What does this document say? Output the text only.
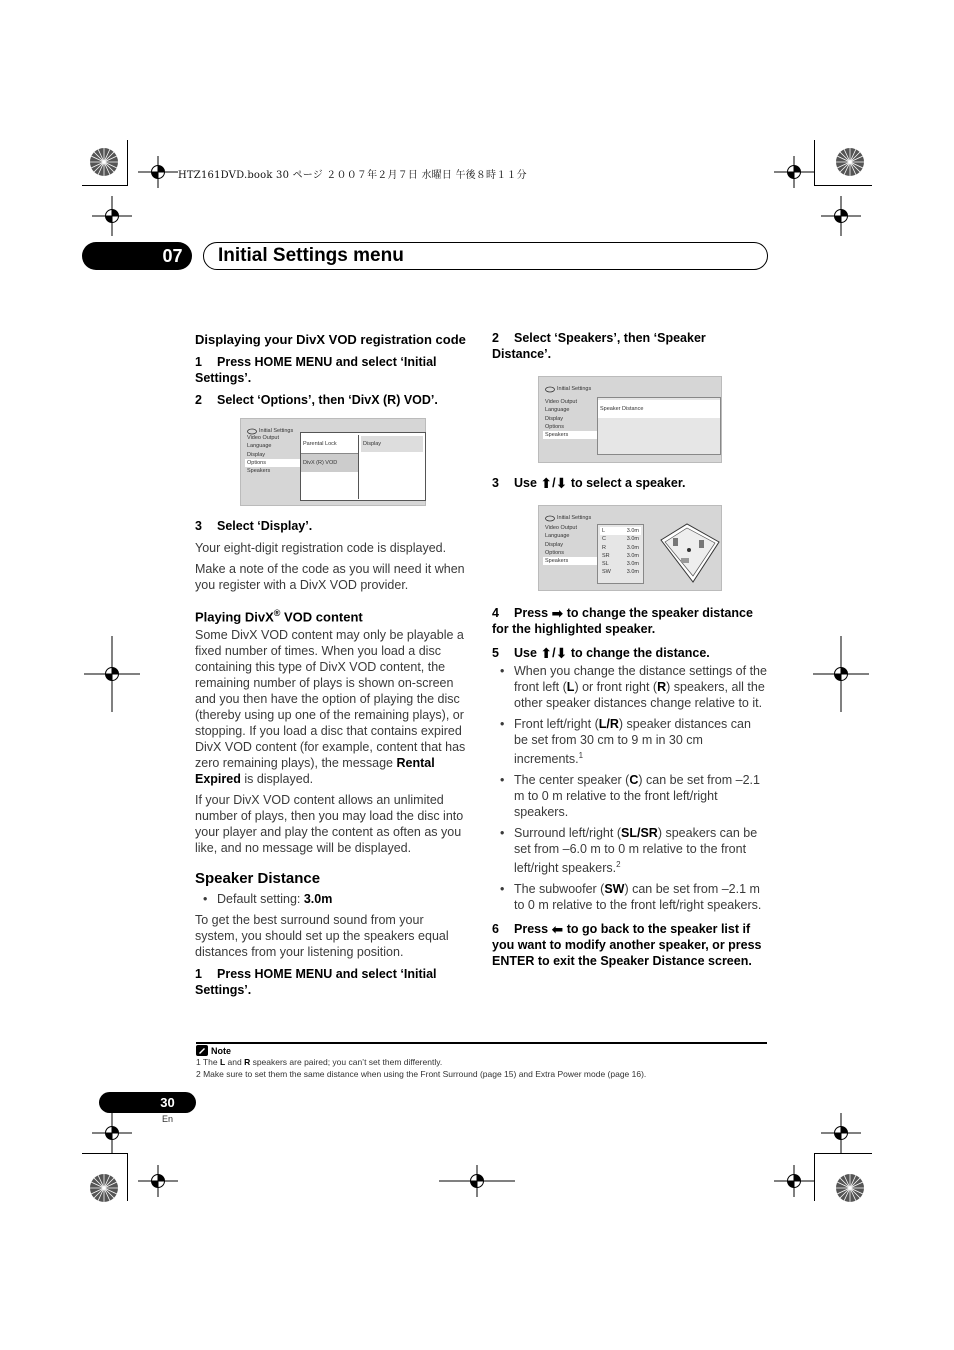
HTZ161DVD.book 30 ページ ２００７年２月７日 水曜日 午後８時１１分
07	Initial Settings menu
Displaying your DivX VOD registration code
1 Press HOME MENU and select ‘Initial Settings’.
2 Select ‘Options’, then ‘DivX (R) VOD’.
Initial Settings
Video Output
Language
Display
Options
Speakers
Parental Lock
DivX (R) VOD
Display
3 Select ‘Display’.

Your eight-digit registration code is displayed.

Make a note of the code as you will need it when you register with a DivX VOD provider.

Playing DivX® VOD content

Some DivX VOD content may only be playable a fixed number of times. When you load a disc containing this type of DivX VOD content, the remaining number of plays is shown on-screen and you then have the option of playing the disc (thereby using up one of the remaining plays), or stopping. If you load a disc that contains expired DivX VOD content (for example, content that has zero remaining plays), the message Rental Expired is displayed.

If your DivX VOD content allows an unlimited number of plays, then you may load the disc into your player and play the content as often as you like, and no message will be displayed.

Speaker Distance
• Default setting: 3.0m

To get the best surround sound from your system, you should set up the speakers equal distances from your listening position.

1 Press HOME MENU and select ‘Initial Settings’.
2 Select ‘Speakers’, then ‘Speaker Distance’.
Initial Settings
Video Output
Language
Display
Options
Speakers
Speaker Distance
3 Use ⬆/⬇ to select a speaker.
Initial Settings
Video Output
Language
Display
Options
Speakers
L	3.0m
C	3.0m
R	3.0m
SR	3.0m
SL	3.0m
SW	3.0m
4 Press ➡ to change the speaker distance for the highlighted speaker.
5 Use ⬆/⬇ to change the distance.
• When you change the distance settings of the front left (L) or front right (R) speakers, all the other speaker distances change relative to it.
• Front left/right (L/R) speaker distances can be set from 30 cm to 9 m in 30 cm increments.$^1$
• The center speaker (C) can be set from –2.1 m to 0 m relative to the front left/right speakers.
• Surround left/right (SL/SR) speakers can be set from –6.0 m to 0 m relative to the front left/right speakers.$^2$
• The subwoofer (SW) can be set from –2.1 m to 0 m relative to the front left/right speakers.
6 Press ⬅ to go back to the speaker list if you want to modify another speaker, or press ENTER to exit the Speaker Distance screen.
Note
1 The L and R speakers are paired; you can’t set them differently.
2 Make sure to set them the same distance when using the Front Surround (page 15) and Extra Power mode (page 16).
30
En
